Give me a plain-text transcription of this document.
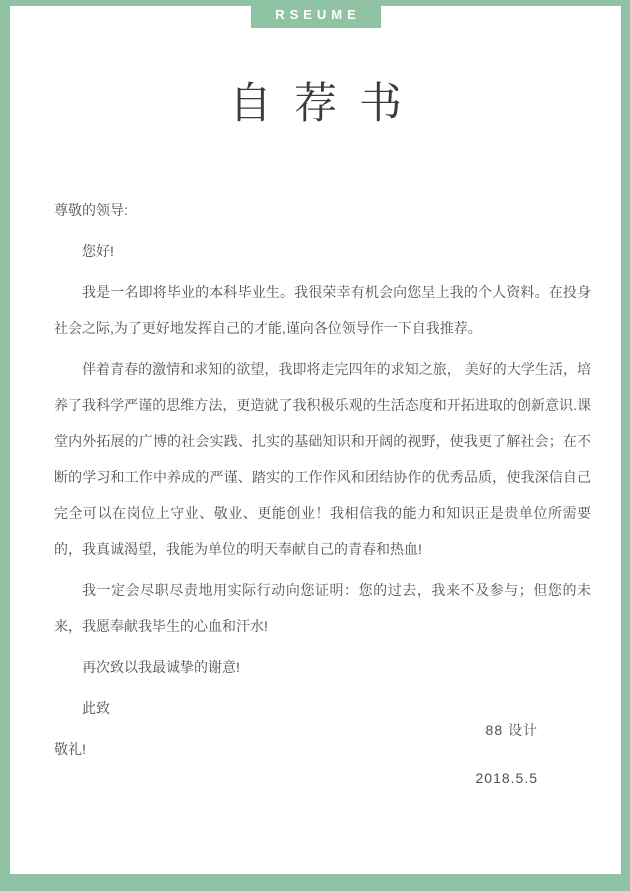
RSEUME
自荐书

尊敬的领导:

您好!

我是一名即将毕业的本科毕业生。我很荣幸有机会向您呈上我的个人资料。在投身社会之际,为了更好地发挥自己的才能,谨向各位领导作一下自我推荐。

伴着青春的激情和求知的欲望，我即将走完四年的求知之旅， 美好的大学生活，培养了我科学严谨的思维方法，更造就了我积极乐观的生活态度和开拓进取的创新意识.课堂内外拓展的广博的社会实践、扎实的基础知识和开阔的视野，使我更了解社会；在不断的学习和工作中养成的严谨、踏实的工作作风和团结协作的优秀品质，使我深信自己完全可以在岗位上守业、敬业、更能创业！我相信我的能力和知识正是贵单位所需要的，我真诚渴望，我能为单位的明天奉献自己的青春和热血!

我一定会尽职尽责地用实际行动向您证明：您的过去，我来不及参与；但您的未来，我愿奉献我毕生的心血和汗水!

再次致以我最诚挚的谢意!

此致

敬礼!

88 设计

2018.5.5
